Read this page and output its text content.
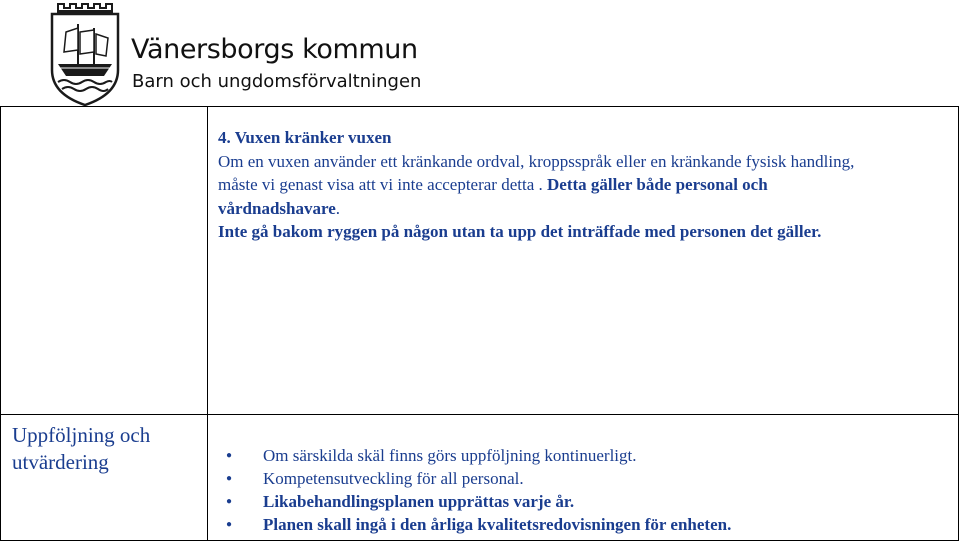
Vänersborgs kommun
Barn och ungdomsförvaltningen

4. Vuxen kränker vuxen

Om en vuxen använder ett kränkande ordval, kroppsspråk eller en kränkande fysisk handling,

måste vi genast visa att vi inte accepterar detta . Detta gäller både personal och

vårdnadshavare.

Inte gå bakom ryggen på någon utan ta upp det inträffade med personen det gäller.

Uppföljning och
utvärdering
●	Om särskilda skäl finns görs uppföljning kontinuerligt.
● Kompetensutveckling för all personal.
● Likabehandlingsplanen upprättas varje år.
● Planen skall ingå i den årliga kvalitetsredovisningen för enheten.
